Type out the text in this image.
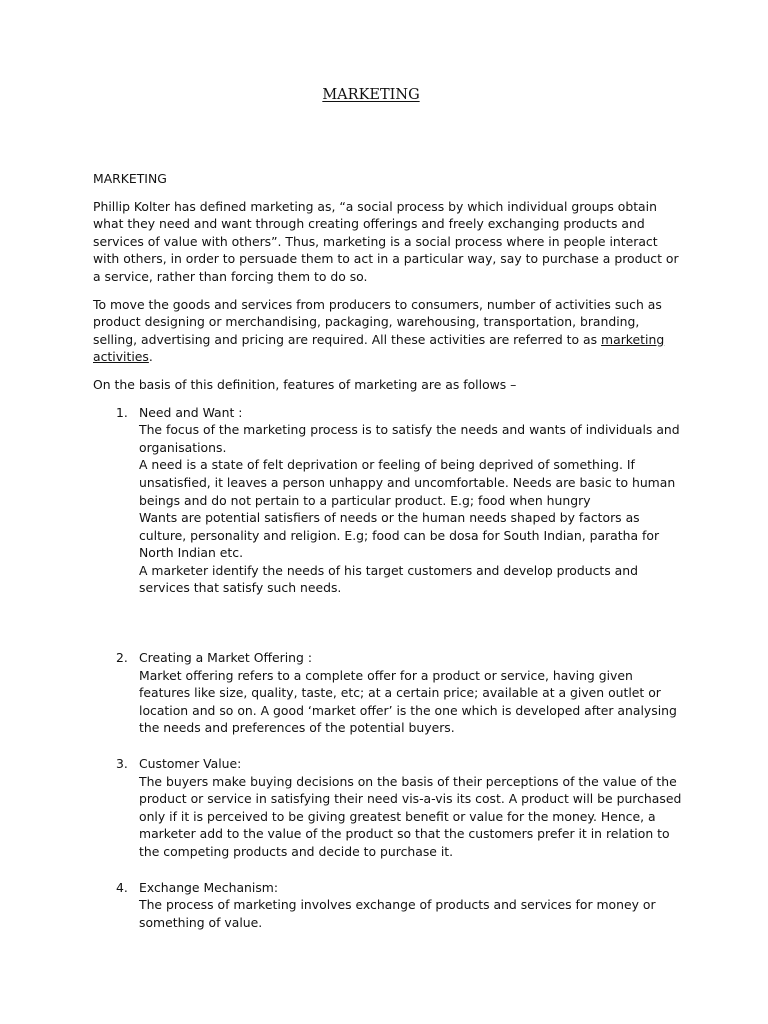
MARKETING
MARKETING

Phillip Kolter has defined marketing as, “a social process by which individual groups obtain what they need and want through creating offerings and freely exchanging products and services of value with others”. Thus, marketing is a social process where in people interact with others, in order to persuade them to act in a particular way, say to purchase a product or a service, rather than forcing them to do so.

To move the goods and services from producers to consumers, number of activities such as product designing or merchandising, packaging, warehousing, transportation, branding, selling, advertising and pricing are required. All these activities are referred to as marketing activities.

On the basis of this definition, features of marketing are as follows –

1. Need and Want :
The focus of the marketing process is to satisfy the needs and wants of individuals and organisations.
A need is a state of felt deprivation or feeling of being deprived of something. If unsatisfied, it leaves a person unhappy and uncomfortable. Needs are basic to human beings and do not pertain to a particular product. E.g; food when hungry
Wants are potential satisfiers of needs or the human needs shaped by factors as culture, personality and religion. E.g; food can be dosa for South Indian, paratha for North Indian etc.
A marketer identify the needs of his target customers and develop products and services that satisfy such needs.
2. Creating a Market Offering :
Market offering refers to a complete offer for a product or service, having given features like size, quality, taste, etc; at a certain price; available at a given outlet or location and so on. A good ‘market offer’ is the one which is developed after analysing the needs and preferences of the potential buyers.
3. Customer Value:
The buyers make buying decisions on the basis of their perceptions of the value of the product or service in satisfying their need vis-a-vis its cost. A product will be purchased only if it is perceived to be giving greatest benefit or value for the money. Hence, a marketer add to the value of the product so that the customers prefer it in relation to the competing products and decide to purchase it.
4. Exchange Mechanism:
The process of marketing involves exchange of products and services for money or something of value.
